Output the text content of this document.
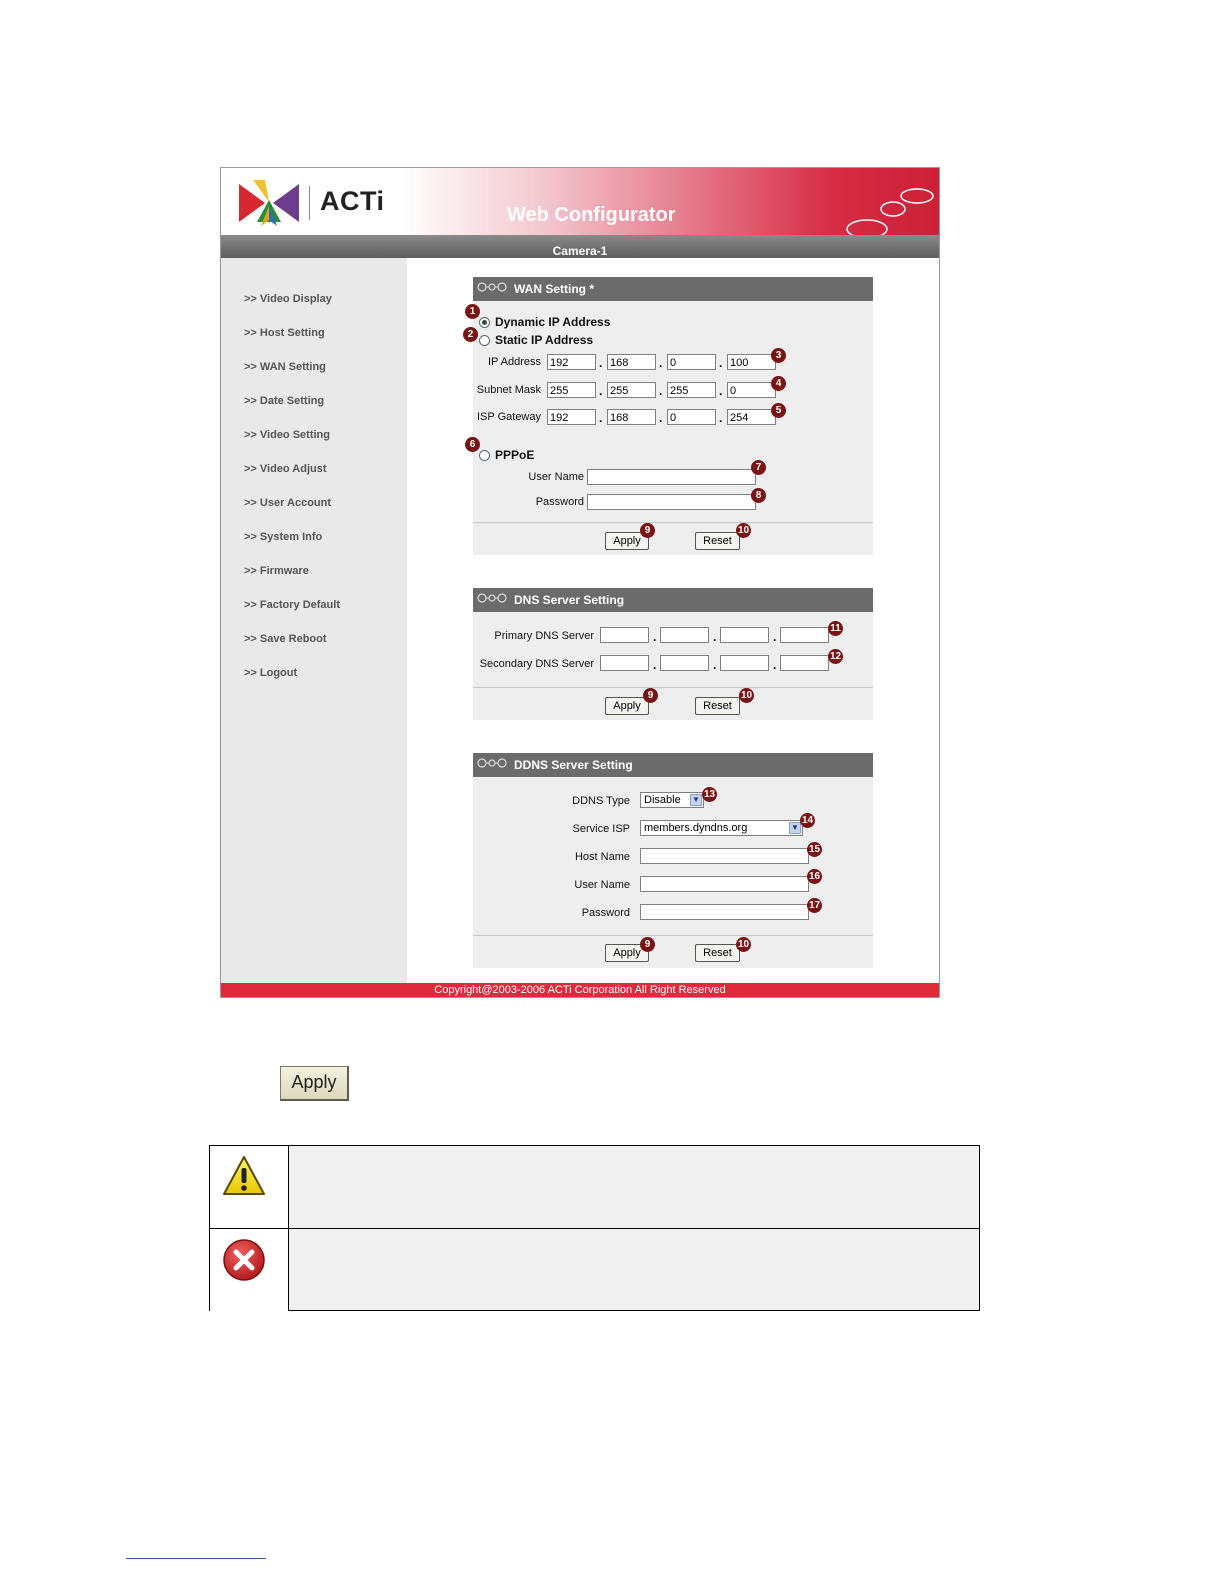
ACTi	Web Configurator
Camera-1
>> Video Display
>> Host Setting
>> WAN Setting
>> Date Setting
>> Video Setting
>> Video Adjust
>> User Account
>> System Info
>> Firmware
>> Factory Default
>> Save Reboot
>> Logout
WAN Setting *
1
Dynamic IP Address
2	Static IP Address
IP Address 192	. 168	. 0	. 100
3
Subnet Mask 255	. 255	. 255	. 0
4
ISP Gateway 192	. 168	. 0	. 254
5
6
PPPoE
User Name
7
Password
8
Apply
9
Reset
10
DNS Server Setting
Primary DNS Server	.	.	.
11
Secondary DNS Server	.	.	.
12
Apply
9
Reset
10
DDNS Server Setting
DDNS Type	Disable ▼ 13
Service ISP	members.dyndns.org	▼
14
Host Name
15
User Name
16
Password
17
Apply
9
Reset
10
Copyright@2003-2006 ACTi Corporation All Right Reserved
Apply
